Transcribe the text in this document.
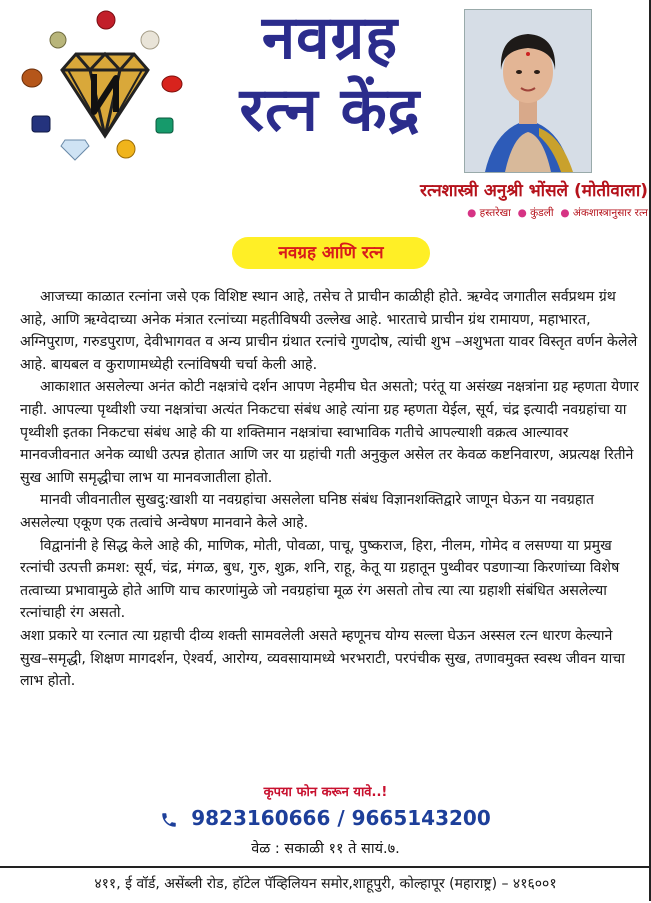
नवग्रह
रत्न केंद्र
रत्नशास्त्री अनुश्री भोंसले (मोतीवाला)
● हस्तरेखा ● कुंडली ● अंकशास्त्रानुसार रत्न
नवग्रह आणि रत्न

आजच्या काळात रत्नांना जसे एक विशिष्ट स्थान आहे, तसेच ते प्राचीन काळीही होते. ऋग्वेद जगातील सर्वप्रथम ग्रंथ आहे, आणि ऋग्वेदाच्या अनेक मंत्रात रत्नांच्या महतीविषयी उल्लेख आहे. भारताचे प्राचीन ग्रंथ रामायण, महाभारत, अग्निपुराण, गरुडपुराण, देवीभागवत व अन्य प्राचीन ग्रंथात रत्नांचे गुणदोष, त्यांची शुभ –अशुभता यावर विस्तृत वर्णन केलेले आहे. बायबल व कुराणामध्येही रत्नांविषयी चर्चा केली आहे.

आकाशात असलेल्या अनंत कोटी नक्षत्रांचे दर्शन आपण नेहमीच घेत असतो; परंतू या असंख्य नक्षत्रांना ग्रह म्हणता येणार नाही. आपल्या पृथ्वीशी ज्या नक्षत्रांचा अत्यंत निकटचा संबंध आहे त्यांना ग्रह म्हणता येईल, सूर्य, चंद्र इत्यादी नवग्रहांचा या पृथ्वीशी इतका निकटचा संबंध आहे की या शक्तिमान नक्षत्रांचा स्वाभाविक गतीचे आपल्याशी वक्रत्व आल्यावर मानवजीवनात अनेक व्याधी उत्पन्न होतात आणि जर या ग्रहांची गती अनुकुल असेल तर केवळ कष्टनिवारण, अप्रत्यक्ष रितीने सुख आणि समृद्धीचा लाभ या मानवजातीला होतो.

मानवी जीवनातील सुखदु:खाशी या नवग्रहांचा असलेला घनिष्ठ संबंध विज्ञानशक्तिद्वारे जाणून घेऊन या नवग्रहात असलेल्या एकूण एक तत्वांचे अन्वेषण मानवाने केले आहे.

विद्वानांनी हे सिद्ध केले आहे की, माणिक, मोती, पोवळा, पाचू, पुष्कराज, हिरा, नीलम, गोमेद व लसण्या या प्रमुख रत्नांची उत्पत्ती क्रमश: सूर्य, चंद्र, मंगळ, बुध, गुरु, शुक्र, शनि, राहू, केतू या ग्रहातून पुथ्वीवर पडणाऱ्या किरणांच्या विशेष तत्वाच्या प्रभावामुळे होते आणि याच कारणांमुळे जो नवग्रहांचा मूळ रंग असतो तोच त्या त्या ग्रहाशी संबंधित असलेल्या रत्नांचाही रंग असतो.

अशा प्रकारे या रत्नात त्या ग्रहाची दीव्य शक्ती सामवलेली असते म्हणूनच योग्य सल्ला घेऊन अस्सल रत्न धारण केल्याने सुख–समृद्धी, शिक्षण मागदर्शन, ऐश्वर्य, आरोग्य, व्यवसायामध्ये भरभराटी, परपंचीक सुख, तणावमुक्त स्वस्थ जीवन याचा लाभ होतो.

कृपया फोन करून यावे..!
9823160666 / 9665143200
वेळ : सकाळी ११ ते सायं.७.
४११, ई वॉर्ड, असेंब्ली रोड, हॉटेल पॅव्हिलियन समोर,शाहूपुरी, कोल्हापूर (महाराष्ट्र) – ४१६००१
